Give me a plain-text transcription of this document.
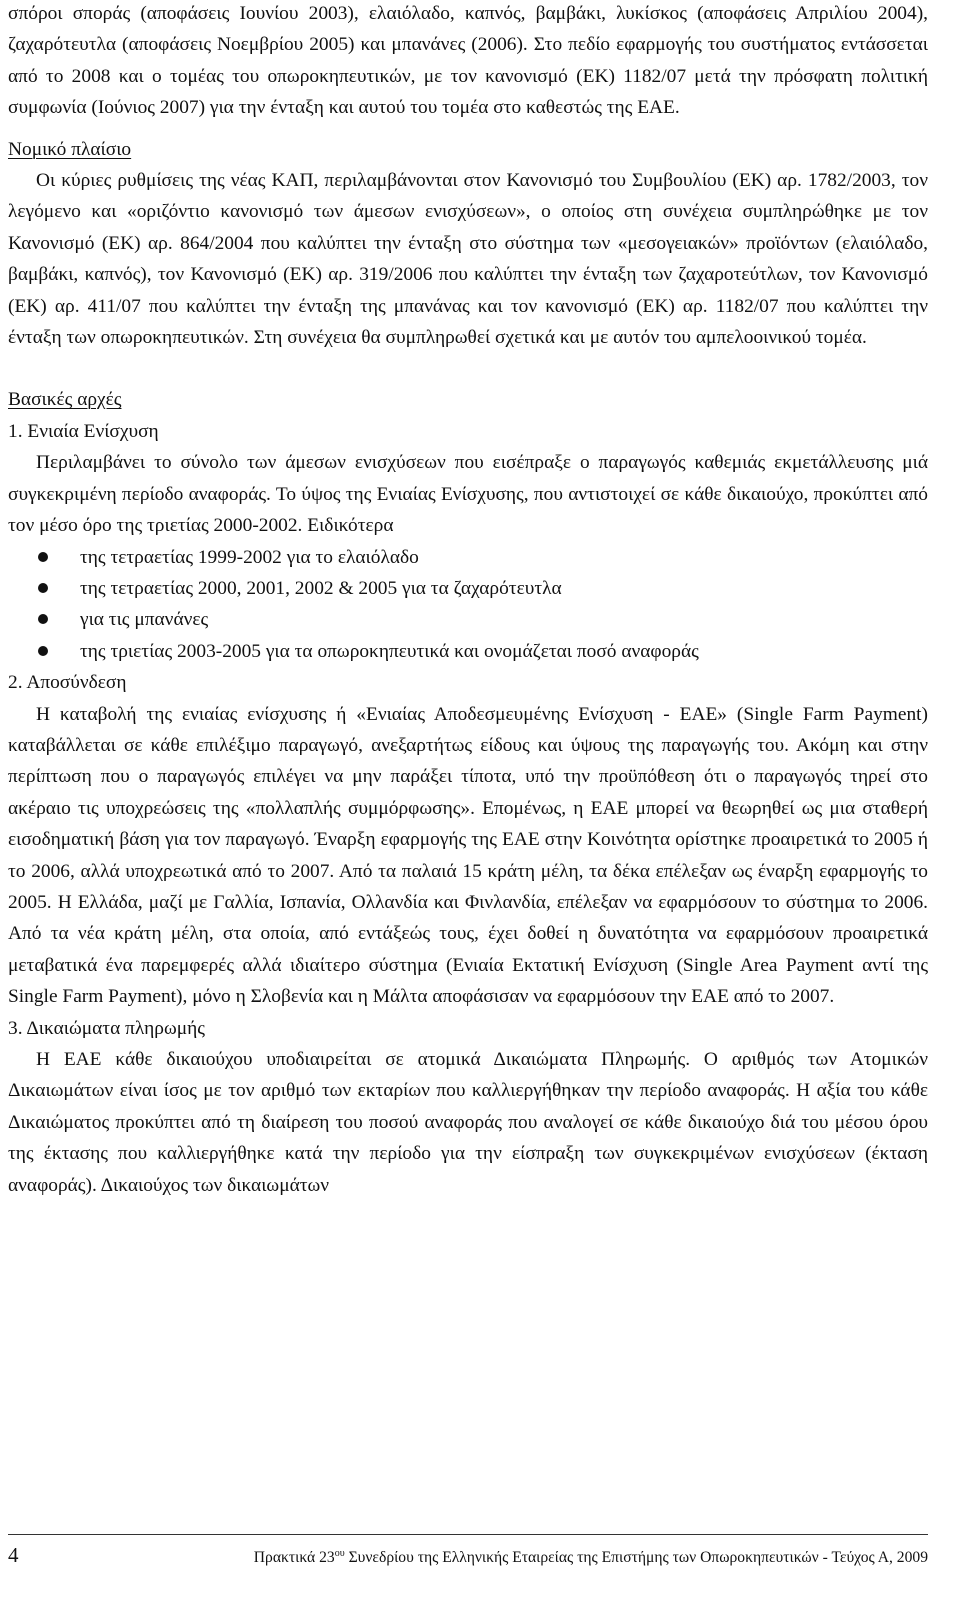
σπόροι σποράς (αποφάσεις Ιουνίου 2003), ελαιόλαδο, καπνός, βαμβάκι, λυκίσκος (αποφάσεις Απριλίου 2004), ζαχαρότευτλα (αποφάσεις Νοεμβρίου 2005) και μπανάνες (2006). Στο πεδίο εφαρμογής του συστήματος εντάσσεται από το 2008 και ο τομέας του οπωροκηπευτικών, με τον κανονισμό (ΕΚ) 1182/07 μετά την πρόσφατη πολιτική συμφωνία (Ιούνιος 2007) για την ένταξη και αυτού του τομέα στο καθεστώς της ΕΑΕ.

Νομικό πλαίσιο

Οι κύριες ρυθμίσεις της νέας ΚΑΠ, περιλαμβάνονται στον Κανονισμό του Συμβουλίου (ΕΚ) αρ. 1782/2003, τον λεγόμενο και «οριζόντιο κανονισμό των άμεσων ενισχύσεων», ο οποίος στη συνέχεια συμπληρώθηκε με τον Κανονισμό (ΕΚ) αρ. 864/2004 που καλύπτει την ένταξη στο σύστημα των «μεσογειακών» προϊόντων (ελαιόλαδο, βαμβάκι, καπνός), τον Κανονισμό (ΕΚ) αρ. 319/2006 που καλύπτει την ένταξη των ζαχαροτεύτλων, τον Κανονισμό (ΕΚ) αρ. 411/07 που καλύπτει την ένταξη της μπανάνας και τον κανονισμό (ΕΚ) αρ. 1182/07 που καλύπτει την ένταξη των οπωροκηπευτικών. Στη συνέχεια θα συμπληρωθεί σχετικά και με αυτόν του αμπελοοινικού τομέα.

Βασικές αρχές

1. Ενιαία Ενίσχυση

Περιλαμβάνει το σύνολο των άμεσων ενισχύσεων που εισέπραξε ο παραγωγός καθεμιάς εκμετάλλευσης μιά συγκεκριμένη περίοδο αναφοράς. Το ύψος της Ενιαίας Ενίσχυσης, που αντιστοιχεί σε κάθε δικαιούχο, προκύπτει από τον μέσο όρο της τριετίας 2000-2002. Ειδικότερα

της τετραετίας 1999-2002 για το ελαιόλαδο
της τετραετίας 2000, 2001, 2002 & 2005 για τα ζαχαρότευτλα
για τις μπανάνες
της τριετίας 2003-2005 για τα οπωροκηπευτικά και ονομάζεται ποσό αναφοράς

2. Αποσύνδεση

Η καταβολή της ενιαίας ενίσχυσης ή «Ενιαίας Αποδεσμευμένης Ενίσχυση - ΕΑΕ» (Single Farm Payment) καταβάλλεται σε κάθε επιλέξιμο παραγωγό, ανεξαρτήτως είδους και ύψους της παραγωγής του. Ακόμη και στην περίπτωση που ο παραγωγός επιλέγει να μην παράξει τίποτα, υπό την προϋπόθεση ότι ο παραγωγός τηρεί στο ακέραιο τις υποχρεώσεις της «πολλαπλής συμμόρφωσης». Επομένως, η ΕΑΕ μπορεί να θεωρηθεί ως μια σταθερή εισοδηματική βάση για τον παραγωγό. Έναρξη εφαρμογής της ΕΑΕ στην Κοινότητα ορίστηκε προαιρετικά το 2005 ή το 2006, αλλά υποχρεωτικά από το 2007. Από τα παλαιά 15 κράτη μέλη, τα δέκα επέλεξαν ως έναρξη εφαρμογής το 2005. Η Ελλάδα, μαζί με Γαλλία, Ισπανία, Ολλανδία και Φινλανδία, επέλεξαν να εφαρμόσουν το σύστημα το 2006. Από τα νέα κράτη μέλη, στα οποία, από εντάξεώς τους, έχει δοθεί η δυνατότητα να εφαρμόσουν προαιρετικά μεταβατικά ένα παρεμφερές αλλά ιδιαίτερο σύστημα (Ενιαία Εκτατική Ενίσχυση (Single Area Payment αντί της Single Farm Payment), μόνο η Σλοβενία και η Μάλτα αποφάσισαν να εφαρμόσουν την ΕΑΕ από το 2007.

3. Δικαιώματα πληρωμής

Η ΕΑΕ κάθε δικαιούχου υποδιαιρείται σε ατομικά Δικαιώματα Πληρωμής. Ο αριθμός των Ατομικών Δικαιωμάτων είναι ίσος με τον αριθμό των εκταρίων που καλλιεργήθηκαν την περίοδο αναφοράς. Η αξία του κάθε Δικαιώματος προκύπτει από τη διαίρεση του ποσού αναφοράς που αναλογεί σε κάθε δικαιούχο διά του μέσου όρου της έκτασης που καλλιεργήθηκε κατά την περίοδο για την είσπραξη των συγκεκριμένων ενισχύσεων (έκταση αναφοράς). Δικαιούχος των δικαιωμάτων

4	Πρακτικά $23^{o\upsilon}$ Συνεδρίου της Ελληνικής Εταιρείας της Επιστήμης των Οπωροκηπευτικών - Τεύχος Α, 2009
